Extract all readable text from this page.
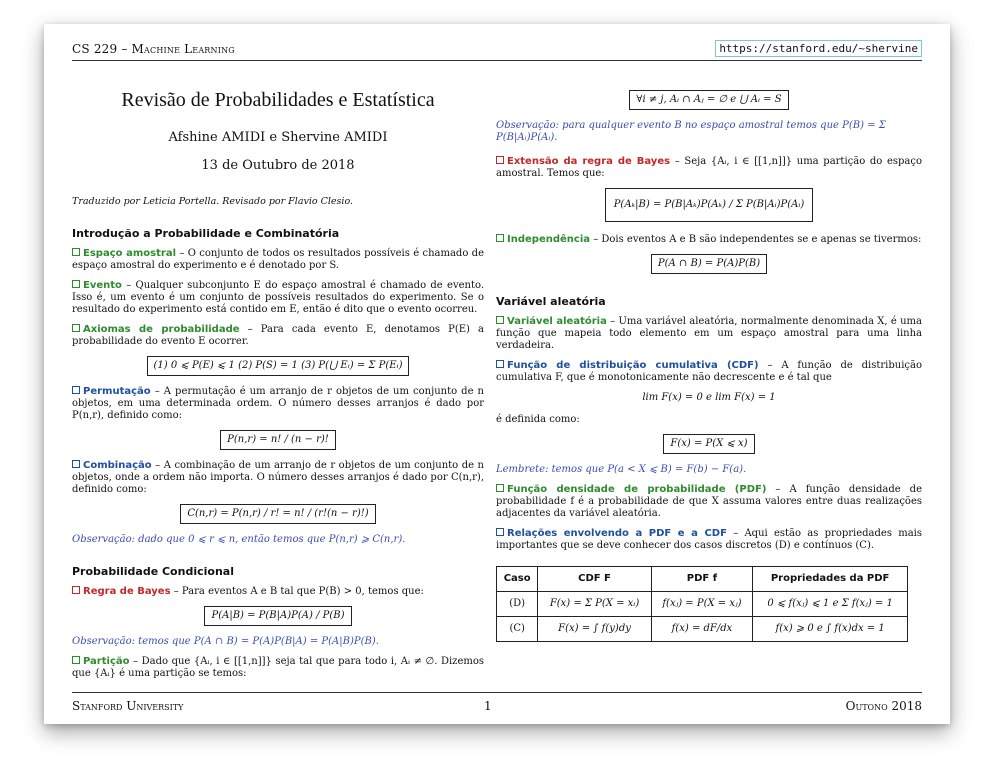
CS 229 – Machine Learning	https://stanford.edu/~shervine
Revisão de Probabilidades e Estatística
Afshine AMIDI e Shervine AMIDI
13 de Outubro de 2018
Traduzido por Leticia Portella. Revisado por Flavio Clesio.
Introdução a Probabilidade e Combinatória

Espaço amostral – O conjunto de todos os resultados possíveis é chamado de espaço amostral do experimento e é denotado por S.

Evento – Qualquer subconjunto E do espaço amostral é chamado de evento. Isso é, um evento é um conjunto de possíveis resultados do experimento. Se o resultado do experimento está contido em E, então é dito que o evento ocorreu.

Axiomas de probabilidade – Para cada evento E, denotamos P(E) a probabilidade do evento E ocorrer.

(1) 0 ⩽ P(E) ⩽ 1 (2) P(S) = 1 (3) P(⋃ Eᵢ) = Σ P(Eᵢ)

Permutação – A permutação é um arranjo de r objetos de um conjunto de n objetos, em uma determinada ordem. O número desses arranjos é dado por P(n,r), definido como:

P(n,r) = n! / (n − r)!

Combinação – A combinação de um arranjo de r objetos de um conjunto de n objetos, onde a ordem não importa. O número desses arranjos é dado por C(n,r), definido como:

C(n,r) = P(n,r) / r! = n! / (r!(n − r)!)
Observação: dado que 0 ⩽ r ⩽ n, então temos que P(n,r) ⩾ C(n,r).
Probabilidade Condicional

Regra de Bayes – Para eventos A e B tal que P(B) > 0, temos que:

P(A|B) = P(B|A)P(A) / P(B)
Observação: temos que P(A ∩ B) = P(A)P(B|A) = P(A|B)P(B).

Partição – Dado que {Aᵢ, i ∈ [[1,n]]} seja tal que para todo i, Aᵢ ≠ ∅. Dizemos que {Aᵢ} é uma partição se temos:

∀i ≠ j, Aᵢ ∩ Aⱼ = ∅ e ⋃ Aᵢ = S
Observação: para qualquer evento B no espaço amostral temos que P(B) = Σ P(B|Aᵢ)P(Aᵢ).

Extensão da regra de Bayes – Seja {Aᵢ, i ∈ [[1,n]]} uma partição do espaço amostral. Temos que:

P(Aₖ|B) = P(B|Aₖ)P(Aₖ) / Σ P(B|Aᵢ)P(Aᵢ)

Independência – Dois eventos A e B são independentes se e apenas se tivermos:

P(A ∩ B) = P(A)P(B)
Variável aleatória

Variável aleatória – Uma variável aleatória, normalmente denominada X, é uma função que mapeia todo elemento em um espaço amostral para uma linha verdadeira.

Função de distribuição cumulativa (CDF) – A função de distribuição cumulativa F, que é monotonicamente não decrescente e é tal que

lim F(x) = 0 e lim F(x) = 1

é definida como:

F(x) = P(X ⩽ x)
Lembrete: temos que P(a < X ⩽ B) = F(b) − F(a).

Função densidade de probabilidade (PDF) – A função densidade de probabilidade f é a probabilidade de que X assuma valores entre duas realizações adjacentes da variável aleatória.

Relações envolvendo a PDF e a CDF – Aqui estão as propriedades mais importantes que se deve conhecer dos casos discretos (D) e contínuos (C).

Caso	CDF F	PDF f	Propriedades da PDF
(D)	F(x) = Σ P(X = xᵢ)	f(xⱼ) = P(X = xⱼ)	0 ⩽ f(xⱼ) ⩽ 1 e Σ f(xⱼ) = 1
(C)	F(x) = ∫ f(y)dy	f(x) = dF/dx	f(x) ⩾ 0 e ∫ f(x)dx = 1
Stanford University	1	Outono 2018
